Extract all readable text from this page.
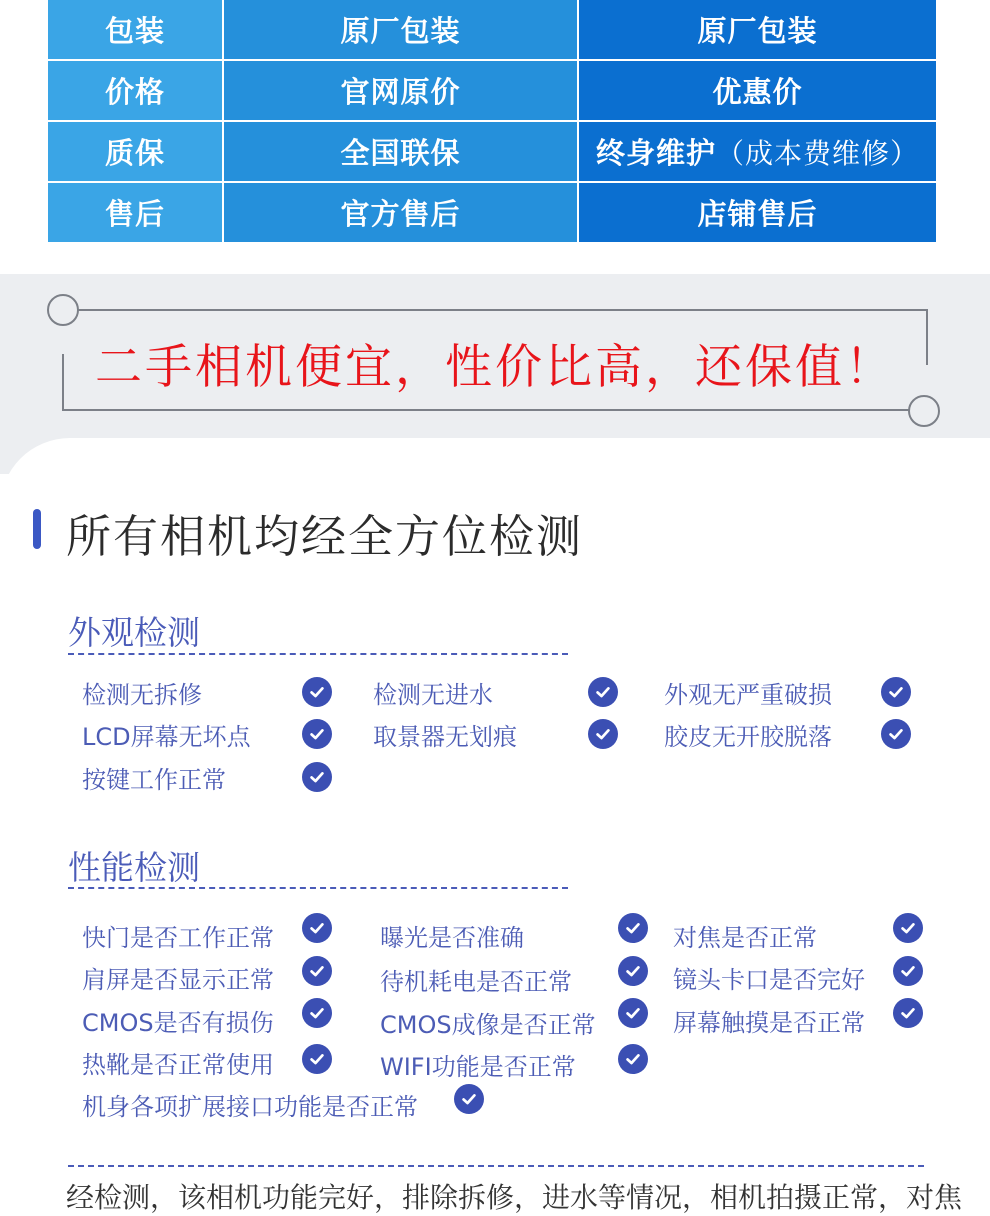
包装	原厂包装	原厂包装
价格	官网原价	优惠价
质保	全国联保	终身维护 （成本费维修）
售后	官方售后	店铺售后
二手相机便宜，性价比高，还保值！
所有相机均经全方位检测
外观检测
检测无拆修	检测无进水	外观无严重破损
LCD屏幕无坏点	取景器无划痕	胶皮无开胶脱落
按键工作正常
性能检测
快门是否工作正常	曝光是否准确	对焦是否正常
肩屏是否显示正常	待机耗电是否正常	镜头卡口是否完好
CMOS是否有损伤	CMOS成像是否正常	屏幕触摸是否正常
热靴是否正常使用	WIFI功能是否正常
机身各项扩展接口功能是否正常
经检测，该相机功能完好，排除拆修，进水等情况，相机拍摄正常，对焦
